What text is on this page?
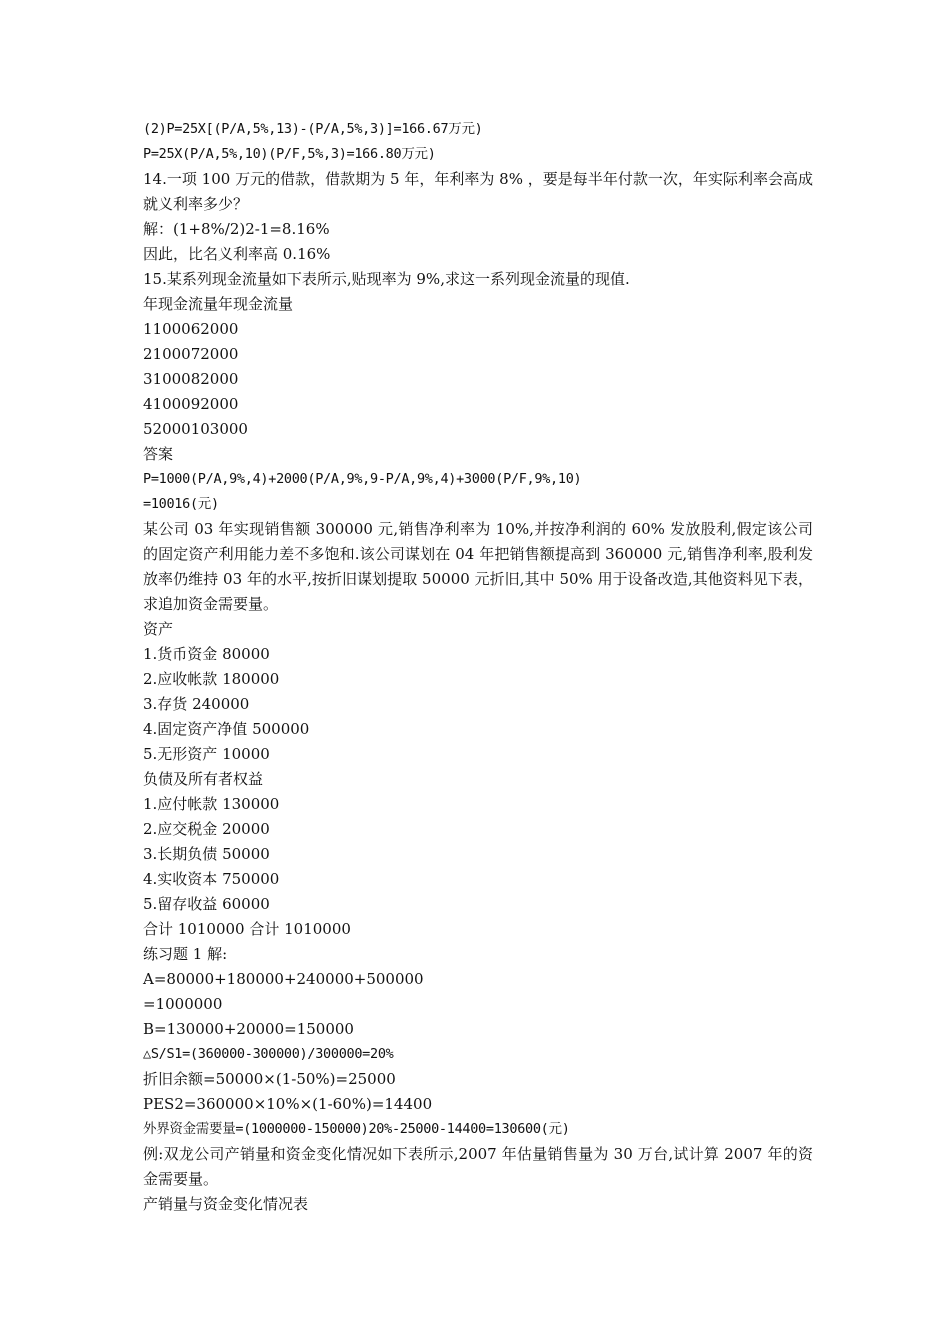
(2)P=25X[(P/A,5%,13)-(P/A,5%,3)]=166.67万元)
P=25X(P/A,5%,10)(P/F,5%,3)=166.80万元)

14.一项 100 万元的借款，借款期为 5 年，年利率为 8% ，要是每半年付款一次，年实际利率会高成就义利率多少？

解：(1+8%/2)2-1=8.16%
因此，比名义利率高 0.16%
15.某系列现金流量如下表所示,贴现率为 9%,求这一系列现金流量的现值.
年现金流量年现金流量
1100062000
2100072000
3100082000
4100092000
52000103000
答案
P=1000(P/A,9%,4)+2000(P/A,9%,9-P/A,9%,4)+3000(P/F,9%,10)
=10016(元)

某公司 03 年实现销售额 300000 元,销售净利率为 10%,并按净利润的 60% 发放股利,假定该公司的固定资产利用能力差不多饱和.该公司谋划在 04 年把销售额提高到 360000 元,销售净利率,股利发放率仍维持 03 年的水平,按折旧谋划提取 50000 元折旧,其中 50% 用于设备改造,其他资料见下表，求追加资金需要量。

资产
1.货币资金 80000
2.应收帐款 180000
3.存货 240000
4.固定资产净值 500000
5.无形资产 10000
负债及所有者权益
1.应付帐款 130000
2.应交税金 20000
3.长期负债 50000
4.实收资本 750000
5.留存收益 60000
合计 1010000 合计 1010000
练习题 1 解:
A=80000+180000+240000+500000
=1000000
B=130000+20000=150000
△S/S1=(360000-300000)/300000=20%
折旧余额=50000×(1-50%)=25000
PES2=360000×10%×(1-60%)=14400
外界资金需要量=(1000000-150000)20%-25000-14400=130600(元)

例:双龙公司产销量和资金变化情况如下表所示,2007 年估量销售量为 30 万台,试计算 2007 年的资金需要量。

产销量与资金变化情况表
